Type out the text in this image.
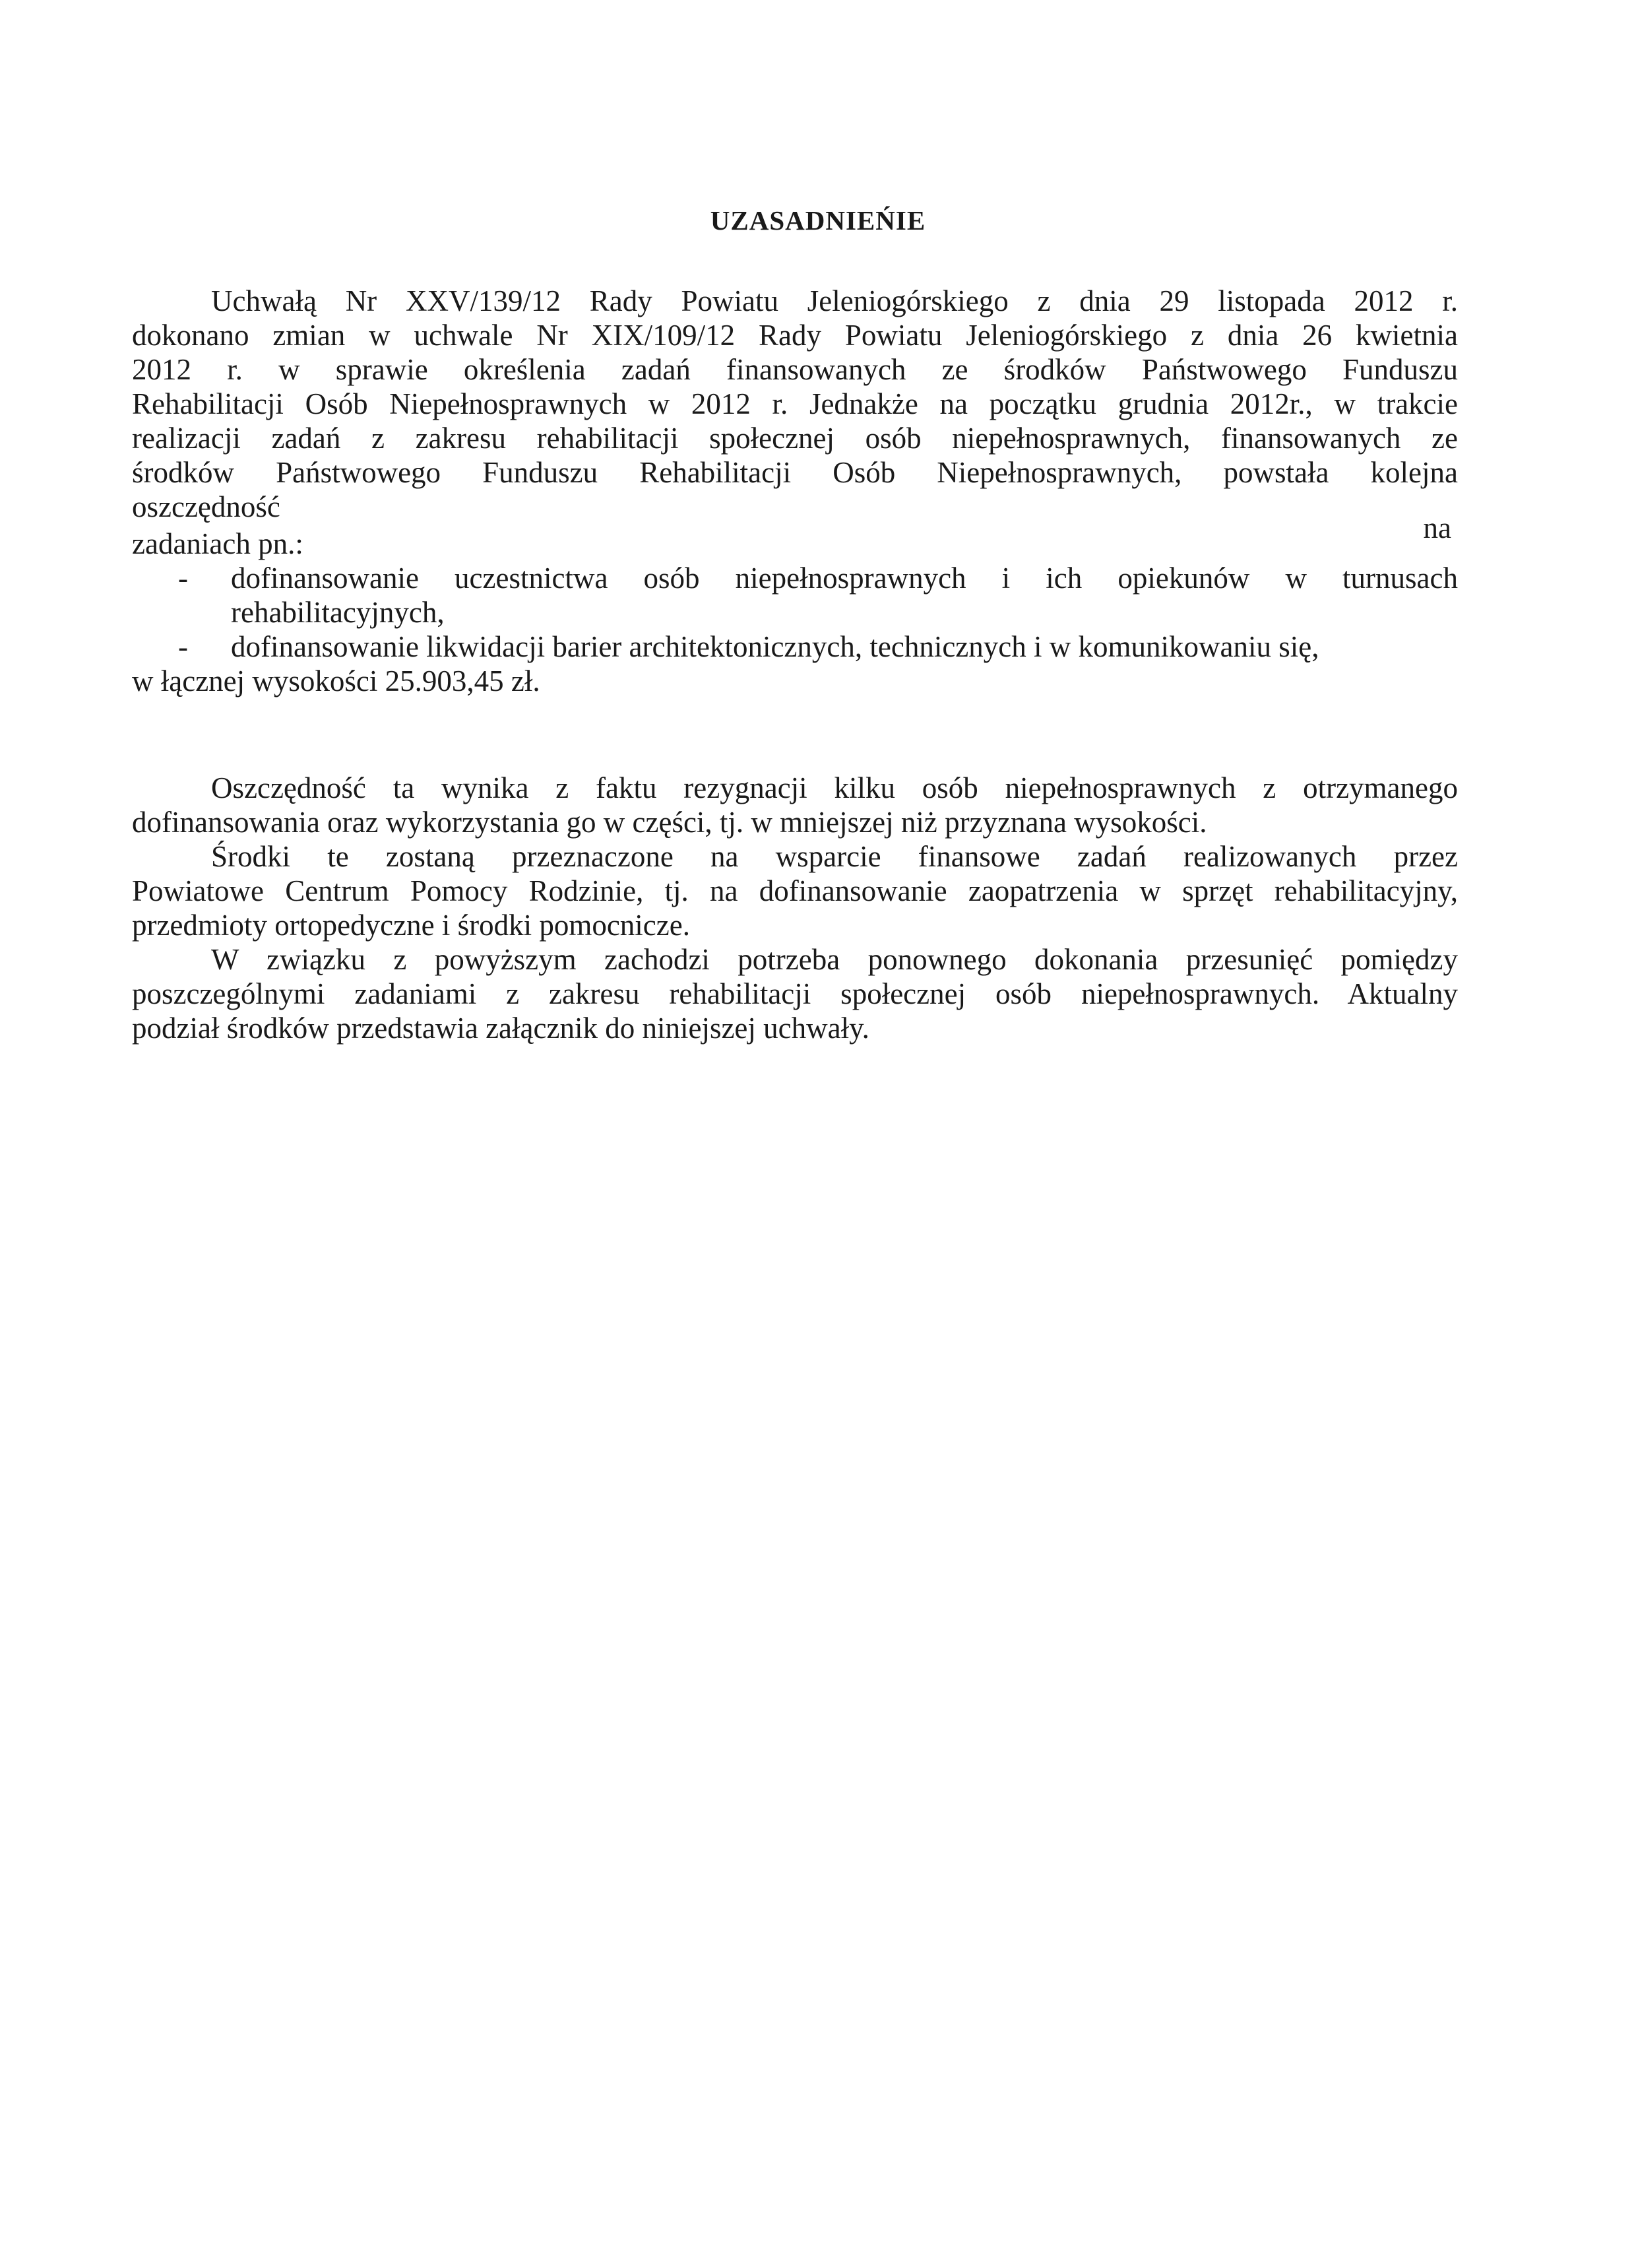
UZASADNIEŃIE
Uchwałą Nr XXV/139/12 Rady Powiatu Jeleniogórskiego z dnia 29 listopada 2012 r.
dokonano zmian w uchwale Nr XIX/109/12 Rady Powiatu Jeleniogórskiego z dnia 26 kwietnia
2012 r. w sprawie określenia zadań finansowanych ze środków Państwowego Funduszu
Rehabilitacji Osób Niepełnosprawnych w 2012 r. Jednakże na początku grudnia 2012r., w trakcie
realizacji zadań z zakresu rehabilitacji społecznej osób niepełnosprawnych, finansowanych ze
środków Państwowego Funduszu Rehabilitacji Osób Niepełnosprawnych, powstała kolejna
oszczędność
na
zadaniach pn.:
- dofinansowanie uczestnictwa osób niepełnosprawnych i ich opiekunów w turnusach
rehabilitacyjnych,
- dofinansowanie likwidacji barier architektonicznych, technicznych i w komunikowaniu się,
w łącznej wysokości 25.903,45 zł.
Oszczędność ta wynika z faktu rezygnacji kilku osób niepełnosprawnych z otrzymanego
dofinansowania oraz wykorzystania go w części, tj. w mniejszej niż przyznana wysokości.
Środki te zostaną przeznaczone na wsparcie finansowe zadań realizowanych przez
Powiatowe Centrum Pomocy Rodzinie, tj. na dofinansowanie zaopatrzenia w sprzęt rehabilitacyjny,
przedmioty ortopedyczne i środki pomocnicze.
W związku z powyższym zachodzi potrzeba ponownego dokonania przesunięć pomiędzy
poszczególnymi zadaniami z zakresu rehabilitacji społecznej osób niepełnosprawnych. Aktualny
podział środków przedstawia załącznik do niniejszej uchwały.
